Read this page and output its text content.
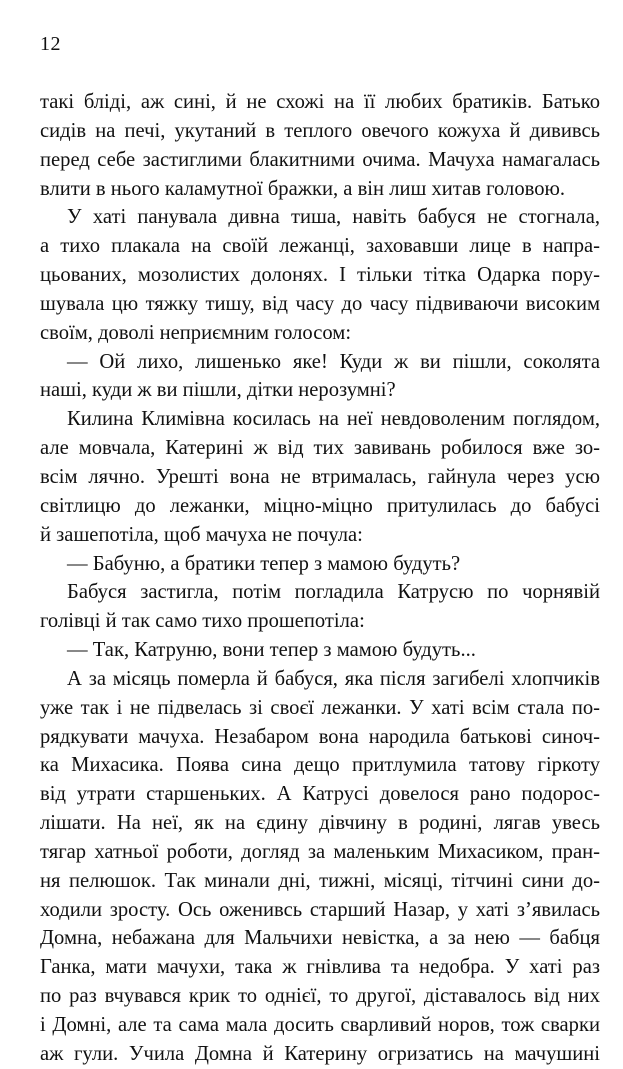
12
такі блідi, аж синi, й не схожі на її любих братиків. Батько
сидів на печі, укутаний в теплого овечого кожуха й дививсь
перед себе застиглими блакитними очима. Мачуха намагалась
влити в нього каламутної бражки, а він лиш хитав головою.
У хаті панувала дивна тиша, навіть бабуся не стогнала,
а тихо плакала на своїй лежанці, заховавши лице в напра-
цьованих, мозолистих долонях. І тільки тітка Одарка пору-
шувала цю тяжку тишу, від часу до часу підвиваючи високим
своїм, доволі неприємним голосом:
— Ой лихо, лишенько яке! Куди ж ви пішли, соколята
наші, куди ж ви пішли, дітки нерозумні?
Килина Климівна косилась на неї невдоволеним поглядом,
але мовчала, Катерині ж від тих завивань робилося вже зо-
всім лячно. Урешті вона не втрималась, гайнула через усю
світлицю до лежанки, міцно-міцно притулилась до бабусі
й зашепотіла, щоб мачуха не почула:
— Бабуню, а братики тепер з мамою будуть?
Бабуся застигла, потім погладила Катрусю по чорнявій
голівці й так само тихо прошепотіла:
— Так, Катруню, вони тепер з мамою будуть...
А за місяць померла й бабуся, яка після загибелі хлопчиків
уже так і не підвелась зі своєї лежанки. У хаті всім стала по-
рядкувати мачуха. Незабаром вона народила батькові синоч-
ка Михасика. Поява сина дещо притлумила татову гіркоту
від утрати старшеньких. А Катрусі довелося рано подорос-
лішати. На неї, як на єдину дівчину в родині, лягав увесь
тягар хатньої роботи, догляд за маленьким Михасиком, пран-
ня пелюшок. Так минали дні, тижні, місяці, тітчині сини до-
ходили зросту. Ось оженивсь старший Назар, у хаті з’явилась
Домна, небажана для Мальчихи невістка, а за нею — бабця
Ганка, мати мачухи, така ж гнівлива та недобра. У хаті раз
по раз вчувався крик то однієї, то другої, діставалось від них
і Домні, але та сама мала досить сварливий норов, тож сварки
аж гули. Учила Домна й Катерину огризатись на мачушині
